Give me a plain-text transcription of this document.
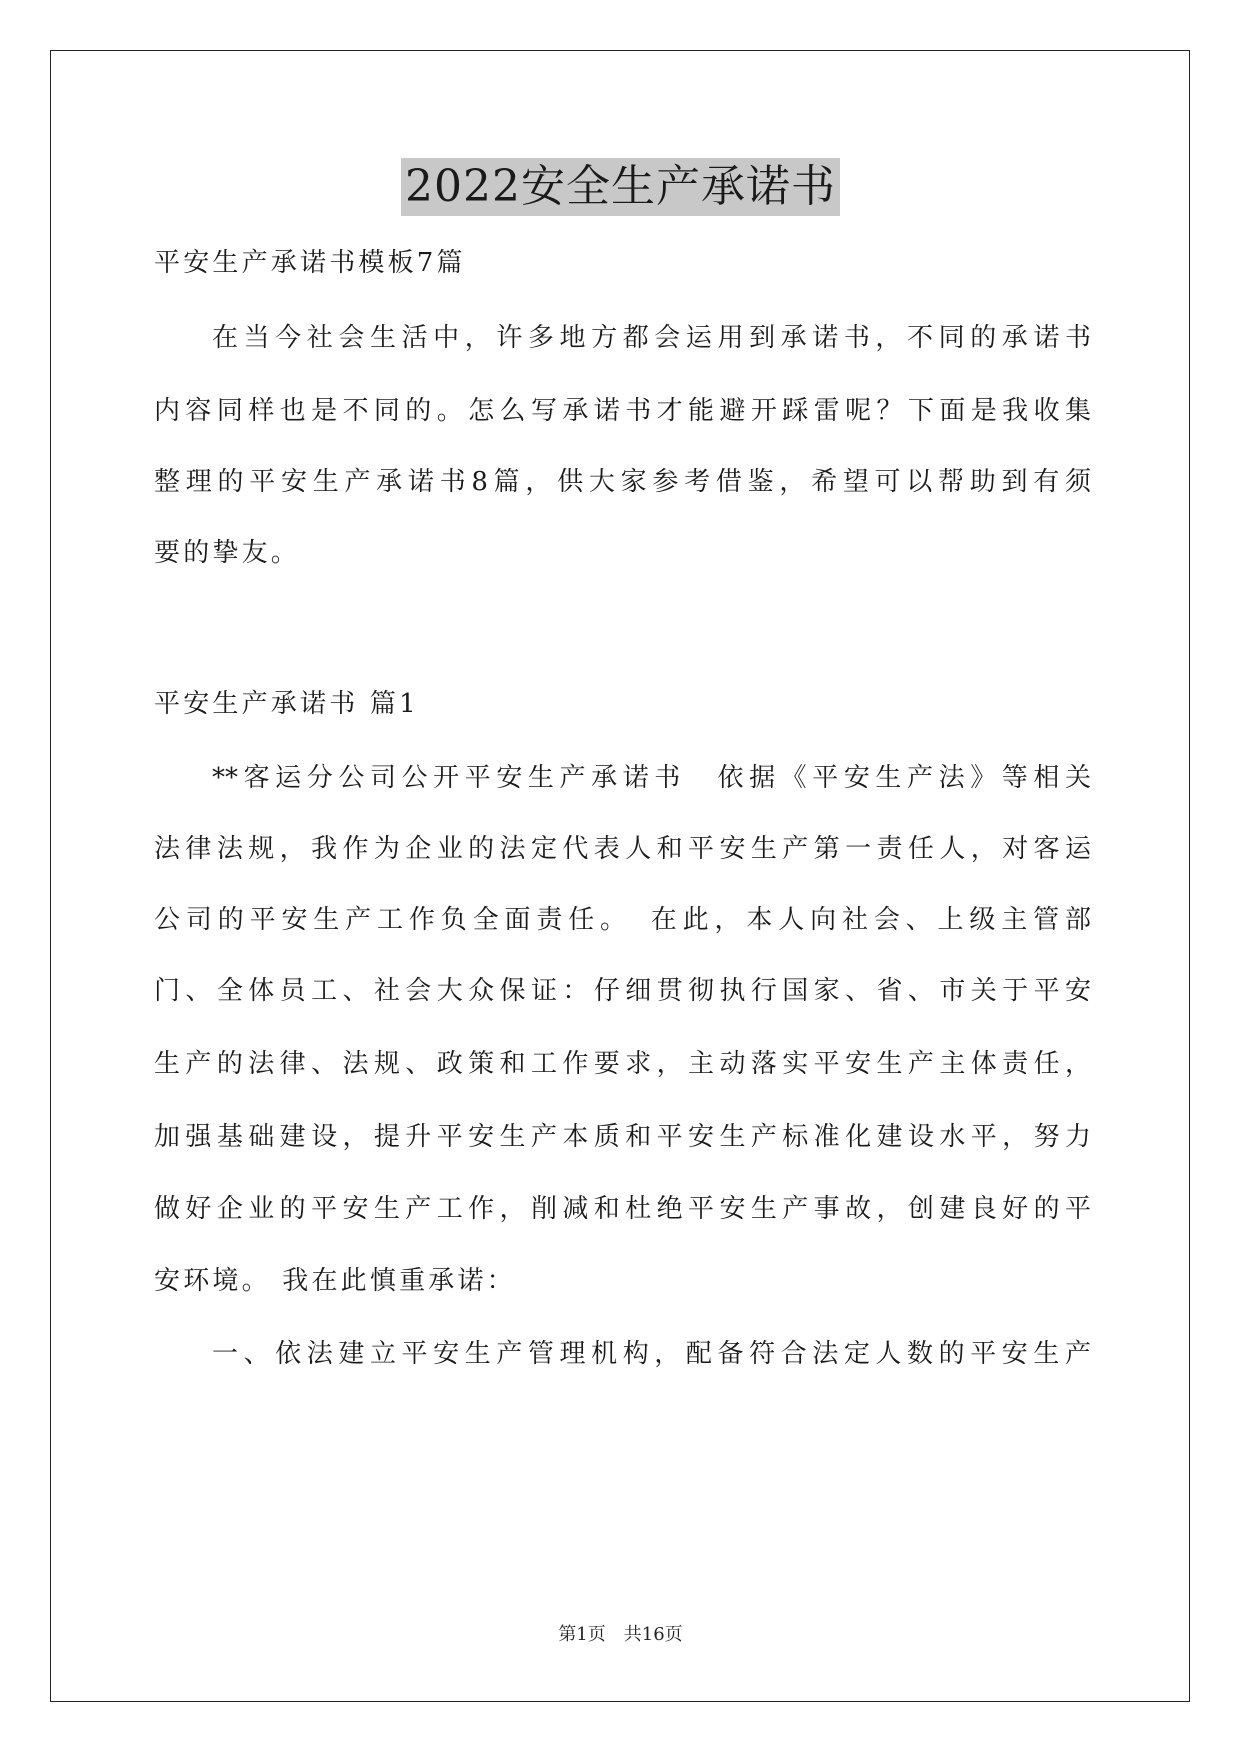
2022安全生产承诺书
平安生产承诺书模板7篇
在当今社会生活中，许多地方都会运用到承诺书，不同的承诺书
内容同样也是不同的。怎么写承诺书才能避开踩雷呢？下面是我收集
整理的平安生产承诺书8篇，供大家参考借鉴，希望可以帮助到有须
要的挚友。
平安生产承诺书 篇1
**客运分公司公开平安生产承诺书　依据《平安生产法》等相关
法律法规，我作为企业的法定代表人和平安生产第一责任人，对客运
公司的平安生产工作负全面责任。　在此，本人向社会、上级主管部
门、全体员工、社会大众保证：仔细贯彻执行国家、省、市关于平安
生产的法律、法规、政策和工作要求，主动落实平安生产主体责任，
加强基础建设，提升平安生产本质和平安生产标准化建设水平，努力
做好企业的平安生产工作，削减和杜绝平安生产事故，创建良好的平
安环境。 我在此慎重承诺：
一、依法建立平安生产管理机构，配备符合法定人数的平安生产
第1页　共16页
